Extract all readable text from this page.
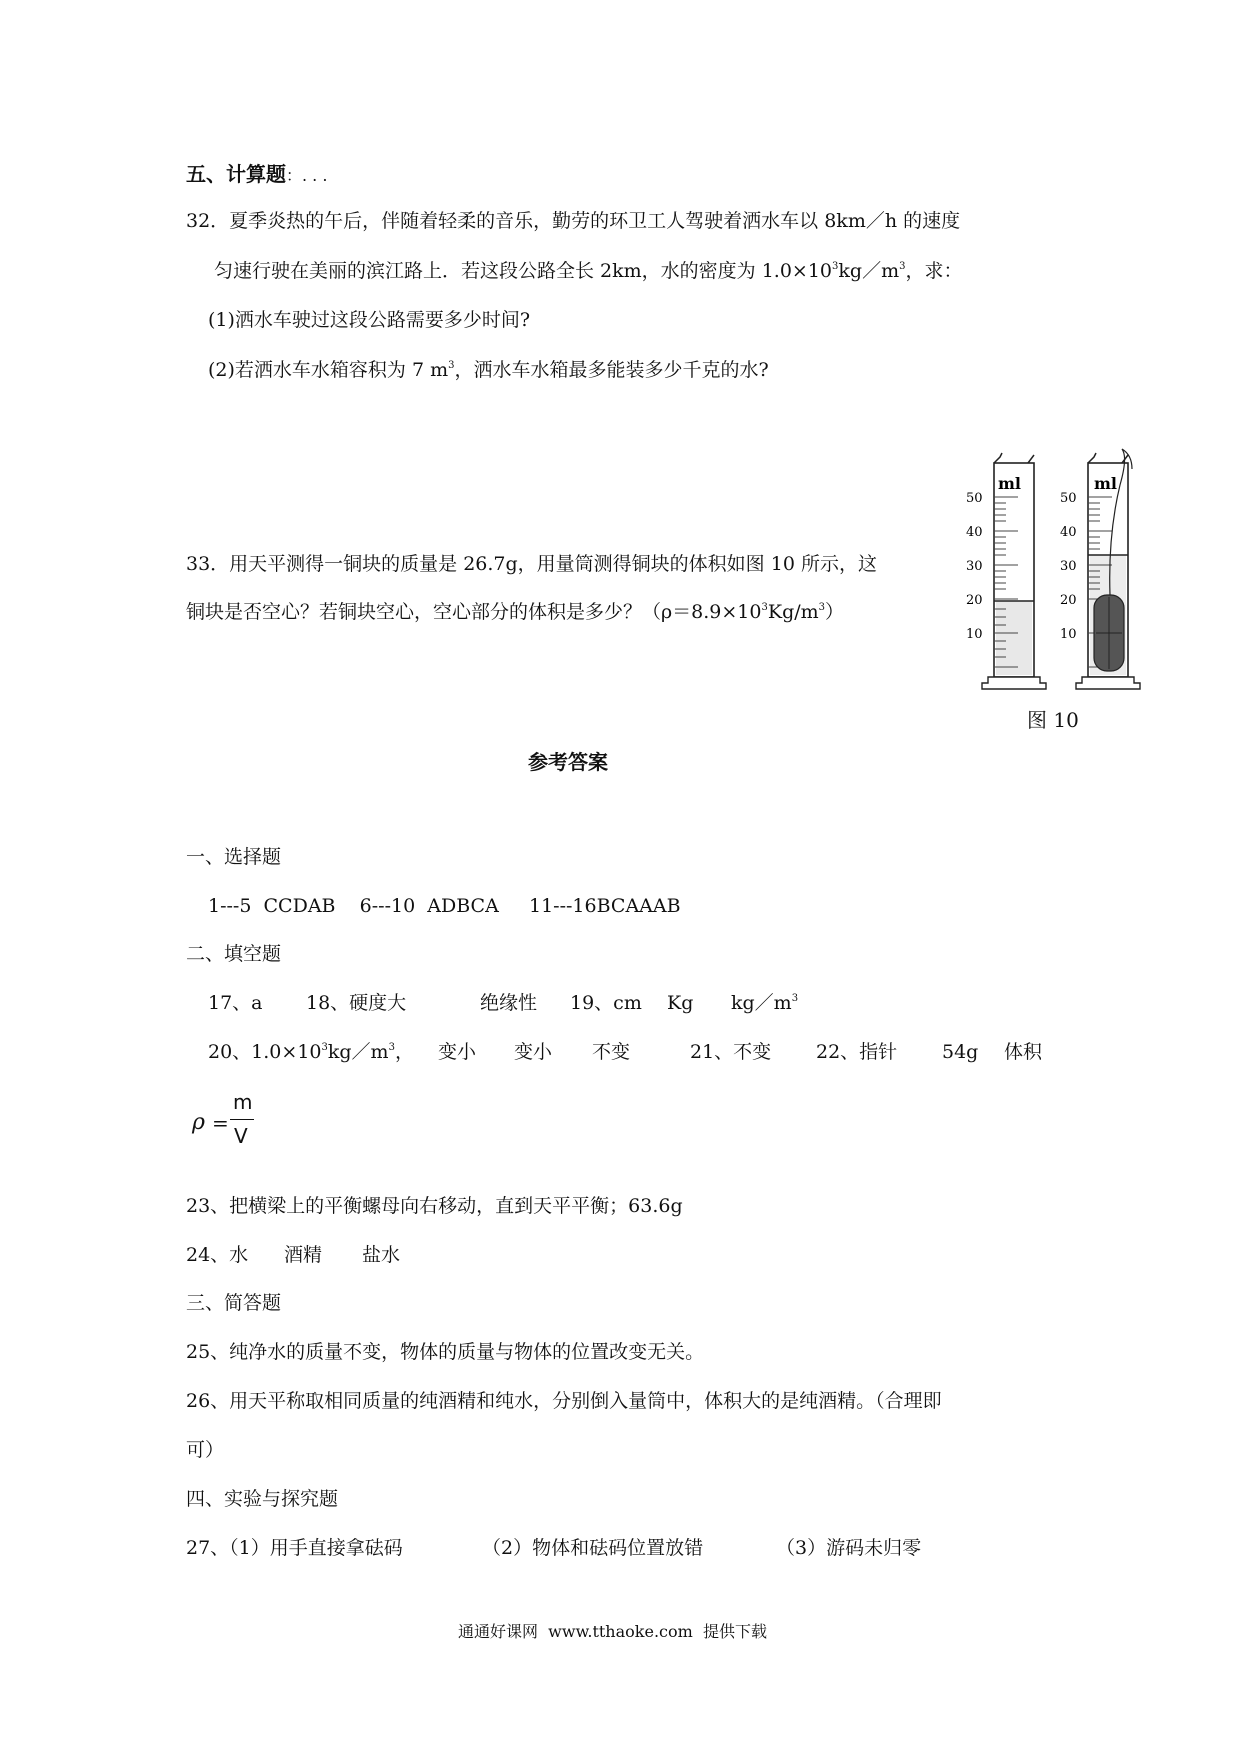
五、计算题：. . .
32．夏季炎热的午后，伴随着轻柔的音乐，勤劳的环卫工人驾驶着洒水车以 8km／h 的速度
匀速行驶在美丽的滨江路上．若这段公路全长 2km，水的密度为 $1.0\times 10^3kg/m^3$，求：
(1)洒水车驶过这段公路需要多少时间?
(2)若洒水车水箱容积为 7 $m^3$，洒水车水箱最多能装多少千克的水?
33．用天平测得一铜块的质量是 26.7g，用量筒测得铜块的体积如图 10 所示，这
铜块是否空心？若铜块空心，空心部分的体积是多少？$(\rho=8.9\times 10^3Kg/m^3)$
ml
50
40
30
20
10
ml
50
40
30
20
10
图 10
参考答案
一、选择题
1---5  CCDAB    6---10  ADBCA     11---16BCAAAB
二、填空题
17、a 18、硬度大	绝缘性 19、cm Kg $kg/m^3$
20、$1.0\times 10^3kg/m^3$， 变小 变小 不变	21、不变 22、指针 54g 体积
ρ =
m
V
23、把横梁上的平衡螺母向右移动，直到天平平衡；63.6g
24、水 酒精 盐水
三、简答题
25、纯净水的质量不变，物体的质量与物体的位置改变无关。
26、用天平称取相同质量的纯酒精和纯水，分别倒入量筒中，体积大的是纯酒精。（合理即
可）
四、实验与探究题
27、（1）用手直接拿砝码	（2）物体和砝码位置放错	（3）游码未归零
通通好课网  www.tthaoke.com  提供下载
